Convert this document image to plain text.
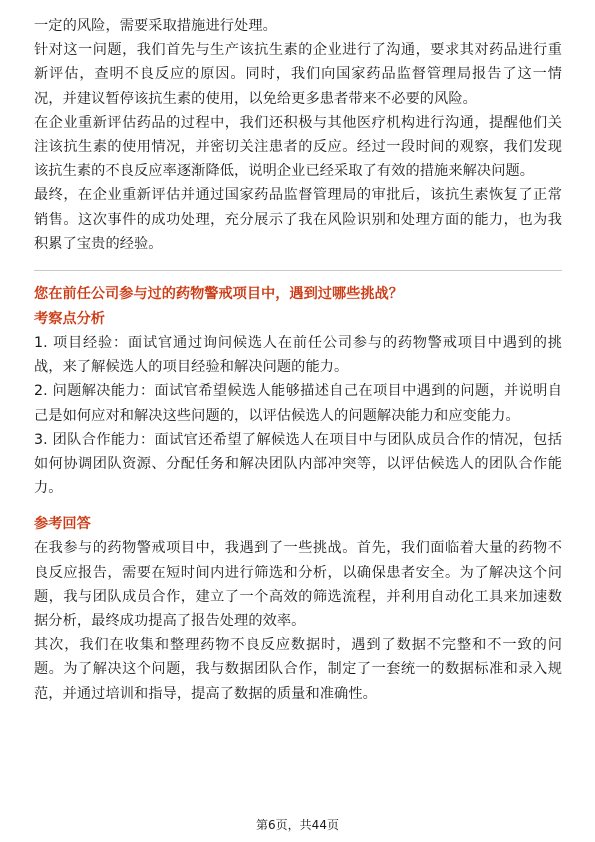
一定的风险，需要采取措施进行处理。

针对这一问题，我们首先与生产该抗生素的企业进行了沟通，要求其对药品进行重新评估，查明不良反应的原因。同时，我们向国家药品监督管理局报告了这一情况，并建议暂停该抗生素的使用，以免给更多患者带来不必要的风险。

在企业重新评估药品的过程中，我们还积极与其他医疗机构进行沟通，提醒他们关注该抗生素的使用情况，并密切关注患者的反应。经过一段时间的观察，我们发现该抗生素的不良反应率逐渐降低，说明企业已经采取了有效的措施来解决问题。

最终，在企业重新评估并通过国家药品监督管理局的审批后，该抗生素恢复了正常销售。这次事件的成功处理，充分展示了我在风险识别和处理方面的能力，也为我积累了宝贵的经验。

您在前任公司参与过的药物警戒项目中，遇到过哪些挑战？

考察点分析

1. 项目经验：面试官通过询问候选人在前任公司参与的药物警戒项目中遇到的挑战，来了解候选人的项目经验和解决问题的能力。

2. 问题解决能力：面试官希望候选人能够描述自己在项目中遇到的问题，并说明自己是如何应对和解决这些问题的，以评估候选人的问题解决能力和应变能力。

3. 团队合作能力：面试官还希望了解候选人在项目中与团队成员合作的情况，包括如何协调团队资源、分配任务和解决团队内部冲突等，以评估候选人的团队合作能力。

参考回答

在我参与的药物警戒项目中，我遇到了一些挑战。首先，我们面临着大量的药物不良反应报告，需要在短时间内进行筛选和分析，以确保患者安全。为了解决这个问题，我与团队成员合作，建立了一个高效的筛选流程，并利用自动化工具来加速数据分析，最终成功提高了报告处理的效率。

其次，我们在收集和整理药物不良反应数据时，遇到了数据不完整和不一致的问题。为了解决这个问题，我与数据团队合作，制定了一套统一的数据标准和录入规范，并通过培训和指导，提高了数据的质量和准确性。

第6页，共44页
